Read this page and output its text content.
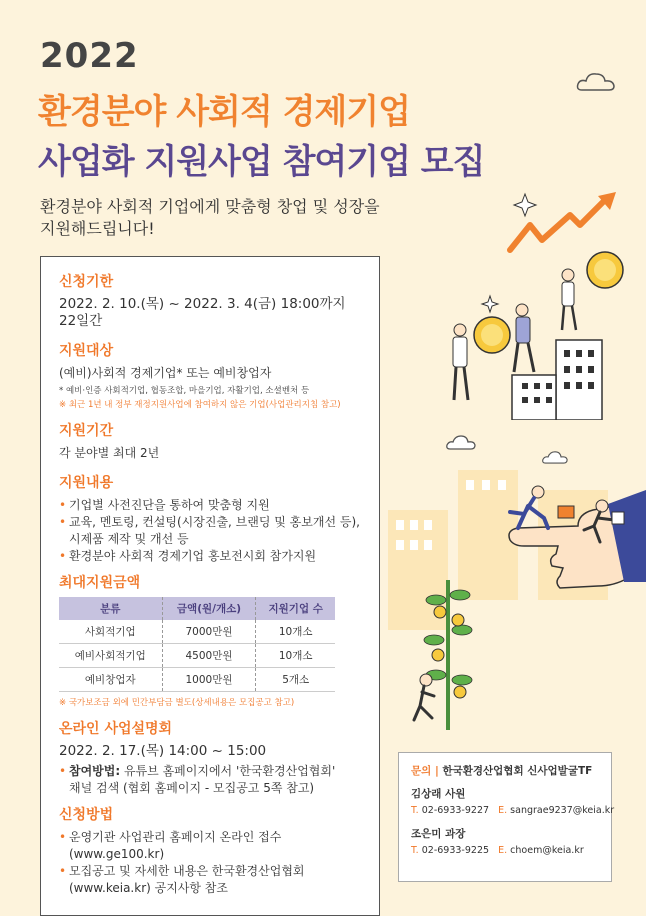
2022
환경분야 사회적 경제기업
사업화 지원사업 참여기업 모집
환경분야 사회적 기업에게 맞춤형 창업 및 성장을
지원해드립니다!
신청기한
2022. 2. 10.(목) ~ 2022. 3. 4(금) 18:00까지 22일간
지원대상
(예비)사회적 경제기업* 또는 예비창업자
* 예비·인증 사회적기업, 협동조합, 마을기업, 자활기업, 소셜벤처 등
※ 최근 1년 내 정부 재정지원사업에 참여하지 않은 기업(사업관리지침 참고)
지원기간
각 분야별 최대 2년
지원내용
• 기업별 사전진단을 통하여 맞춤형 지원
• 교육, 멘토링, 컨설팅(시장진출, 브랜딩 및 홍보개선 등),
시제품 제작 및 개선 등
• 환경분야 사회적 경제기업 홍보전시회 참가지원
최대지원금액
분류	금액(원/개소)	지원기업 수
사회적기업	7000만원	10개소
예비사회적기업	4500만원	10개소
예비창업자	1000만원	5개소
※ 국가보조금 외에 민간부담금 별도(상세내용은 모집공고 참고)
온라인 사업설명회
2022. 2. 17.(목) 14:00 ~ 15:00
• 참여방법: 유튜브 홈페이지에서 '한국환경산업협회'
채널 검색 (협회 홈페이지 - 모집공고 5쪽 참고)
신청방법
• 운영기관 사업관리 홈페이지 온라인 접수(www.ge100.kr)
• 모집공고 및 자세한 내용은 한국환경산업협회
(www.keia.kr) 공지사항 참조
문의 | 한국환경산업협회 신사업발굴TF
김상래 사원
T. 02-6933-9227 E. sangrae9237@keia.kr
조은미 과장
T. 02-6933-9225 E. choem@keia.kr
